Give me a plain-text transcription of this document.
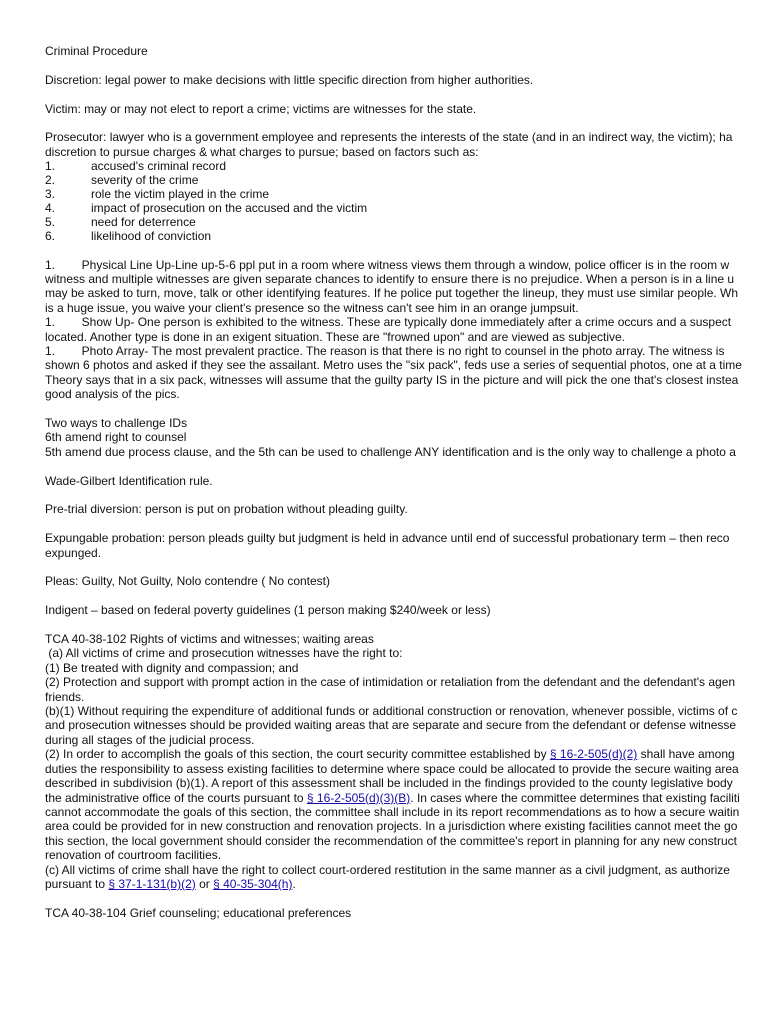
Criminal Procedure

Discretion: legal power to make decisions with little specific direction from higher authorities.

Victim: may or may not elect to report a crime; victims are witnesses for the state.

Prosecutor: lawyer who is a government employee and represents the interests of the state (and in an indirect way, the victim); ha

discretion to pursue charges & what charges to pursue; based on factors such as:

1.	accused's criminal record
2.	severity of the crime
3.	role the victim played in the crime
4.	impact of prosecution on the accused and the victim
5.	need for deterrence
6.	likelihood of conviction

1.        Physical Line Up-Line up-5-6 ppl put in a room where witness views them through a window, police officer is in the room w

witness and multiple witnesses are given separate chances to identify to ensure there is no prejudice. When a person is in a line u

may be asked to turn, move, talk or other identifying features. If he police put together the lineup, they must use similar people. Wh

is a huge issue, you waive your client's presence so the witness can't see him in an orange jumpsuit.

1.        Show Up- One person is exhibited to the witness. These are typically done immediately after a crime occurs and a suspect

located. Another type is done in an exigent situation. These are "frowned upon" and are viewed as subjective.

1.        Photo Array- The most prevalent practice. The reason is that there is no right to counsel in the photo array. The witness is

shown 6 photos and asked if they see the assailant. Metro uses the "six pack", feds use a series of sequential photos, one at a time

Theory says that in a six pack, witnesses will assume that the guilty party IS in the picture and will pick the one that's closest instea

good analysis of the pics.

Two ways to challenge IDs

6th amend right to counsel

5th amend due process clause, and the 5th can be used to challenge ANY identification and is the only way to challenge a photo a

Wade-Gilbert Identification rule.

Pre-trial diversion: person is put on probation without pleading guilty.

Expungable probation: person pleads guilty but judgment is held in advance until end of successful probationary term – then reco

expunged.

Pleas: Guilty, Not Guilty, Nolo contendre ( No contest)

Indigent – based on federal poverty guidelines (1 person making $240/week or less)

TCA 40-38-102 Rights of victims and witnesses; waiting areas

(a) All victims of crime and prosecution witnesses have the right to:

(1) Be treated with dignity and compassion; and

(2) Protection and support with prompt action in the case of intimidation or retaliation from the defendant and the defendant's agen

friends.

(b)(1) Without requiring the expenditure of additional funds or additional construction or renovation, whenever possible, victims of c

and prosecution witnesses should be provided waiting areas that are separate and secure from the defendant or defense witnesse

during all stages of the judicial process.

(2) In order to accomplish the goals of this section, the court security committee established by § 16-2-505(d)(2) shall have among

duties the responsibility to assess existing facilities to determine where space could be allocated to provide the secure waiting area

described in subdivision (b)(1). A report of this assessment shall be included in the findings provided to the county legislative body

the administrative office of the courts pursuant to § 16-2-505(d)(3)(B). In cases where the committee determines that existing faciliti

cannot accommodate the goals of this section, the committee shall include in its report recommendations as to how a secure waitin

area could be provided for in new construction and renovation projects. In a jurisdiction where existing facilities cannot meet the go

this section, the local government should consider the recommendation of the committee's report in planning for any new construct

renovation of courtroom facilities.

(c) All victims of crime shall have the right to collect court-ordered restitution in the same manner as a civil judgment, as authorize

pursuant to § 37-1-131(b)(2) or § 40-35-304(h).

TCA 40-38-104 Grief counseling; educational preferences
